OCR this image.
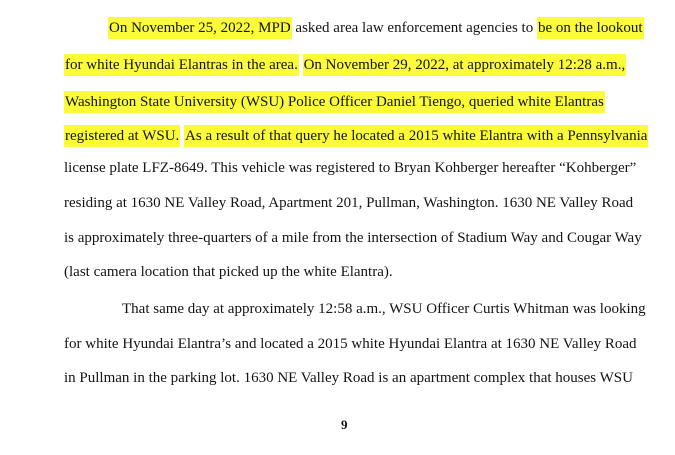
On November 25, 2022, MPD asked area law enforcement agencies to be on the lookout
for white Hyundai Elantras in the area. On November 29, 2022, at approximately 12:28 a.m.,
Washington State University (WSU) Police Officer Daniel Tiengo, queried white Elantras
registered at WSU. As a result of that query he located a 2015 white Elantra with a Pennsylvania
license plate LFZ-8649. This vehicle was registered to Bryan Kohberger hereafter “Kohberger”
residing at 1630 NE Valley Road, Apartment 201, Pullman, Washington. 1630 NE Valley Road
is approximately three-quarters of a mile from the intersection of Stadium Way and Cougar Way
(last camera location that picked up the white Elantra).
That same day at approximately 12:58 a.m., WSU Officer Curtis Whitman was looking
for white Hyundai Elantra’s and located a 2015 white Hyundai Elantra at 1630 NE Valley Road
in Pullman in the parking lot. 1630 NE Valley Road is an apartment complex that houses WSU
9
